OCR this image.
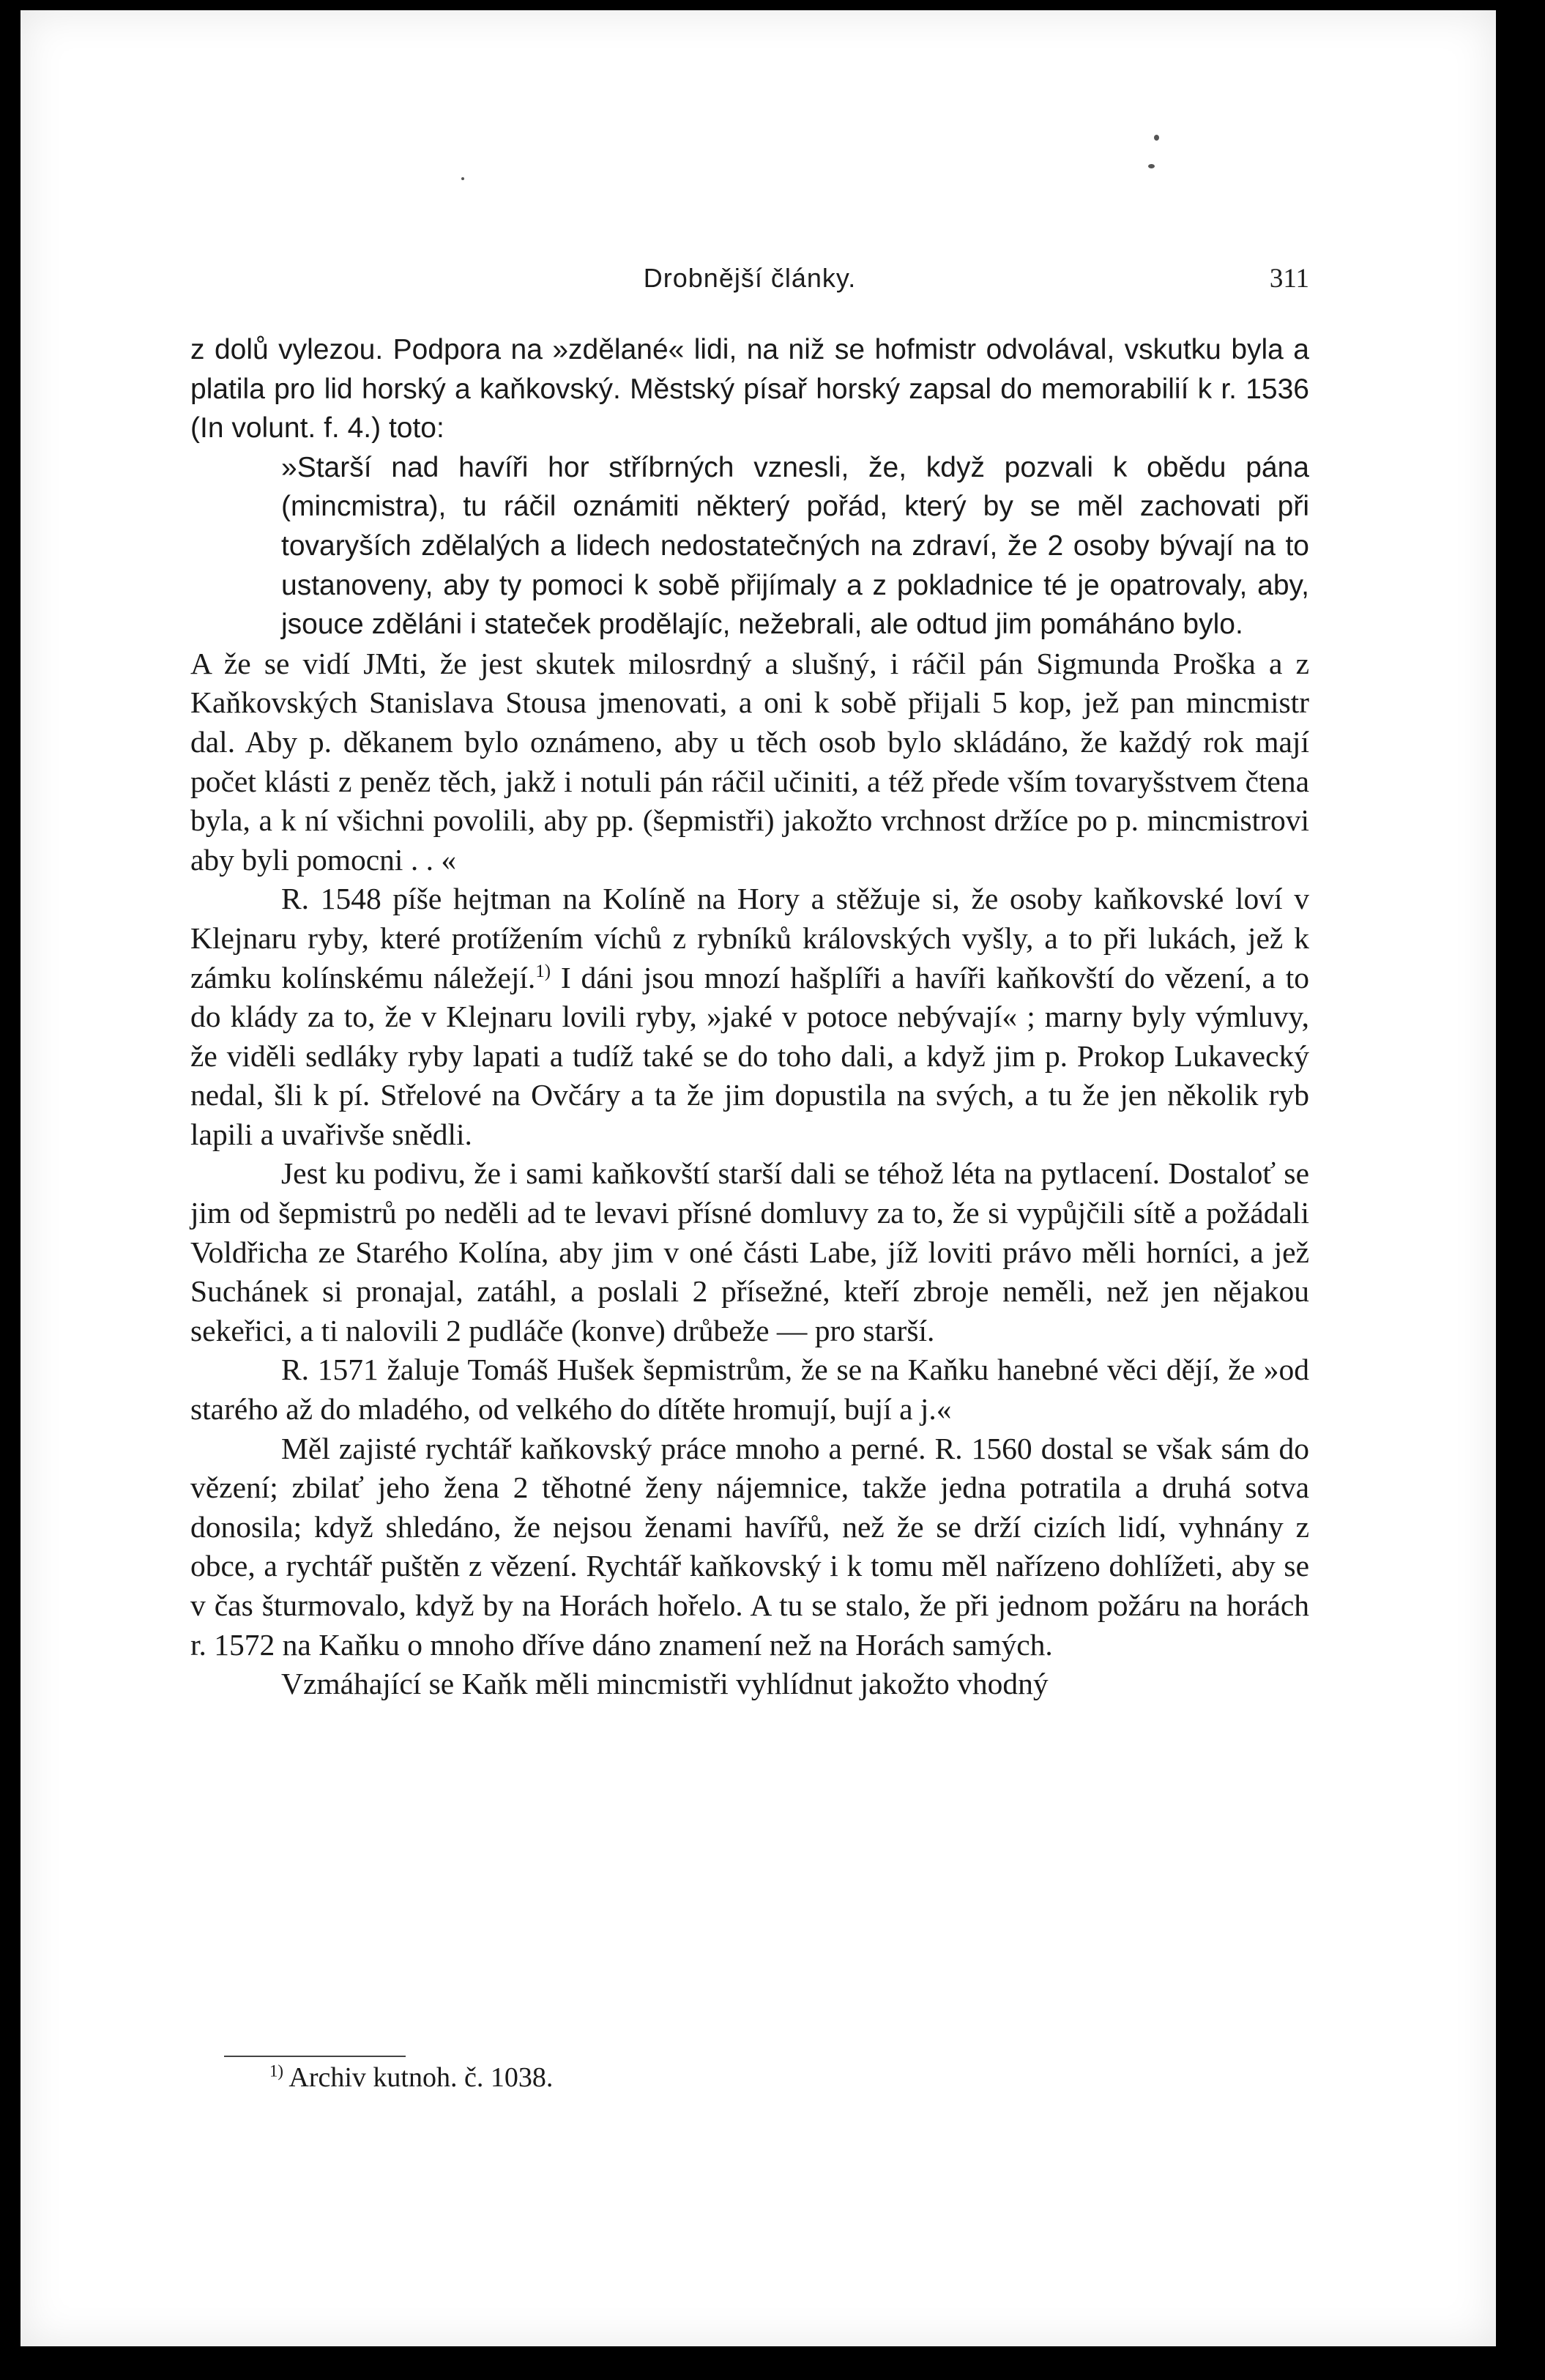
Drobnější články.	311

z dolů vylezou. Podpora na »zdělané« lidi, na niž se hofmistr odvolával, vskutku byla a platila pro lid horský a kaňkovský. Městský písař horský zapsal do memorabilií k r. 1536 (In volunt. f. 4.) toto:
»Starší nad havíři hor stříbrných vznesli, že, když pozvali k obědu pána (mincmistra), tu ráčil oznámiti některý pořád, který by se měl zachovati při tovaryších zdělalých a lidech nedostatečných na zdraví, že 2 osoby bývají na to ustanoveny, aby ty pomoci k sobě přijímaly a z pokladnice té je opatrovaly, aby, jsouce zděláni i stateček prodělajíc, nežebrali, ale odtud jim pomáháno bylo.

A že se vidí JMti, že jest skutek milosrdný a slušný, i ráčil pán Sigmunda Proška a z Kaňkovských Stanislava Stousa jmenovati, a oni k sobě přijali 5 kop, jež pan mincmistr dal. Aby p. děkanem bylo oznámeno, aby u těch osob bylo skládáno, že každý rok mají počet klásti z peněz těch, jakž i notuli pán ráčil učiniti, a též přede vším tovaryšstvem čtena byla, a k ní všichni povolili, aby pp. (šepmistři) jakožto vrchnost držíce po p. mincmistrovi aby byli pomocni . . «

R. 1548 píše hejtman na Kolíně na Hory a stěžuje si, že osoby kaňkovské loví v Klejnaru ryby, které protížením víchů z rybníků královských vyšly, a to při lukách, jež k zámku kolínskému náležejí.$^{1)}$ I dáni jsou mnozí hašplíři a havíři kaňkovští do vězení, a to do klády za to, že v Klejnaru lovili ryby, »jaké v potoce nebývají« ; marny byly výmluvy, že viděli sedláky ryby lapati a tudíž také se do toho dali, a když jim p. Prokop Lukavecký nedal, šli k pí. Střelové na Ovčáry a ta že jim dopustila na svých, a tu že jen několik ryb lapili a uvařivše snědli.

Jest ku podivu, že i sami kaňkovští starší dali se téhož léta na pytlacení. Dostaloť se jim od šepmistrů po neděli ad te levavi přísné domluvy za to, že si vypůjčili sítě a požádali Voldřicha ze Starého Kolína, aby jim v oné části Labe, jíž loviti právo měli horníci, a jež Suchánek si pronajal, zatáhl, a poslali 2 přísežné, kteří zbroje neměli, než jen nějakou sekeřici, a ti nalovili 2 pudláče (konve) drůbeže — pro starší.

R. 1571 žaluje Tomáš Hušek šepmistrům, že se na Kaňku hanebné věci dějí, že »od starého až do mladého, od velkého do dítěte hromují, bují a j.«

Měl zajisté rychtář kaňkovský práce mnoho a perné. R. 1560 dostal se však sám do vězení; zbilať jeho žena 2 těhotné ženy nájemnice, takže jedna potratila a druhá sotva donosila; když shledáno, že nejsou ženami havířů, než že se drží cizích lidí, vyhnány z obce, a rychtář puštěn z vězení. Rychtář kaňkovský i k tomu měl nařízeno dohlížeti, aby se v čas šturmovalo, když by na Horách hořelo. A tu se stalo, že při jednom požáru na horách r. 1572 na Kaňku o mnoho dříve dáno znamení než na Horách samých.

Vzmáhající se Kaňk měli mincmistři vyhlídnut jakožto vhodný

$^{1)}$ Archiv kutnoh. č. 1038.
